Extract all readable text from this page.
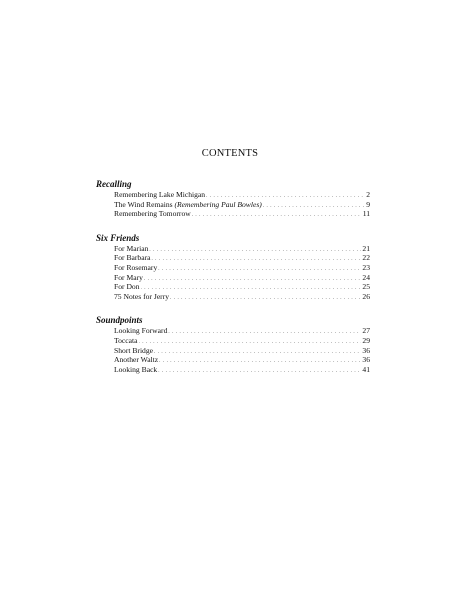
CONTENTS
Recalling
Remembering Lake Michigan . . .	2
The Wind Remains (Remembering Paul Bowles) . . .	9
Remembering Tomorrow . . .	11
Six Friends
For Marian . . .	21
For Barbara . . .	22
For Rosemary . . .	23
For Mary . . .	24
For Don . . .	25
75 Notes for Jerry . . .	26
Soundpoints
Looking Forward . . .	27
Toccata . . .	29
Short Bridge . . .	36
Another Waltz . . .	36
Looking Back . . .	41
